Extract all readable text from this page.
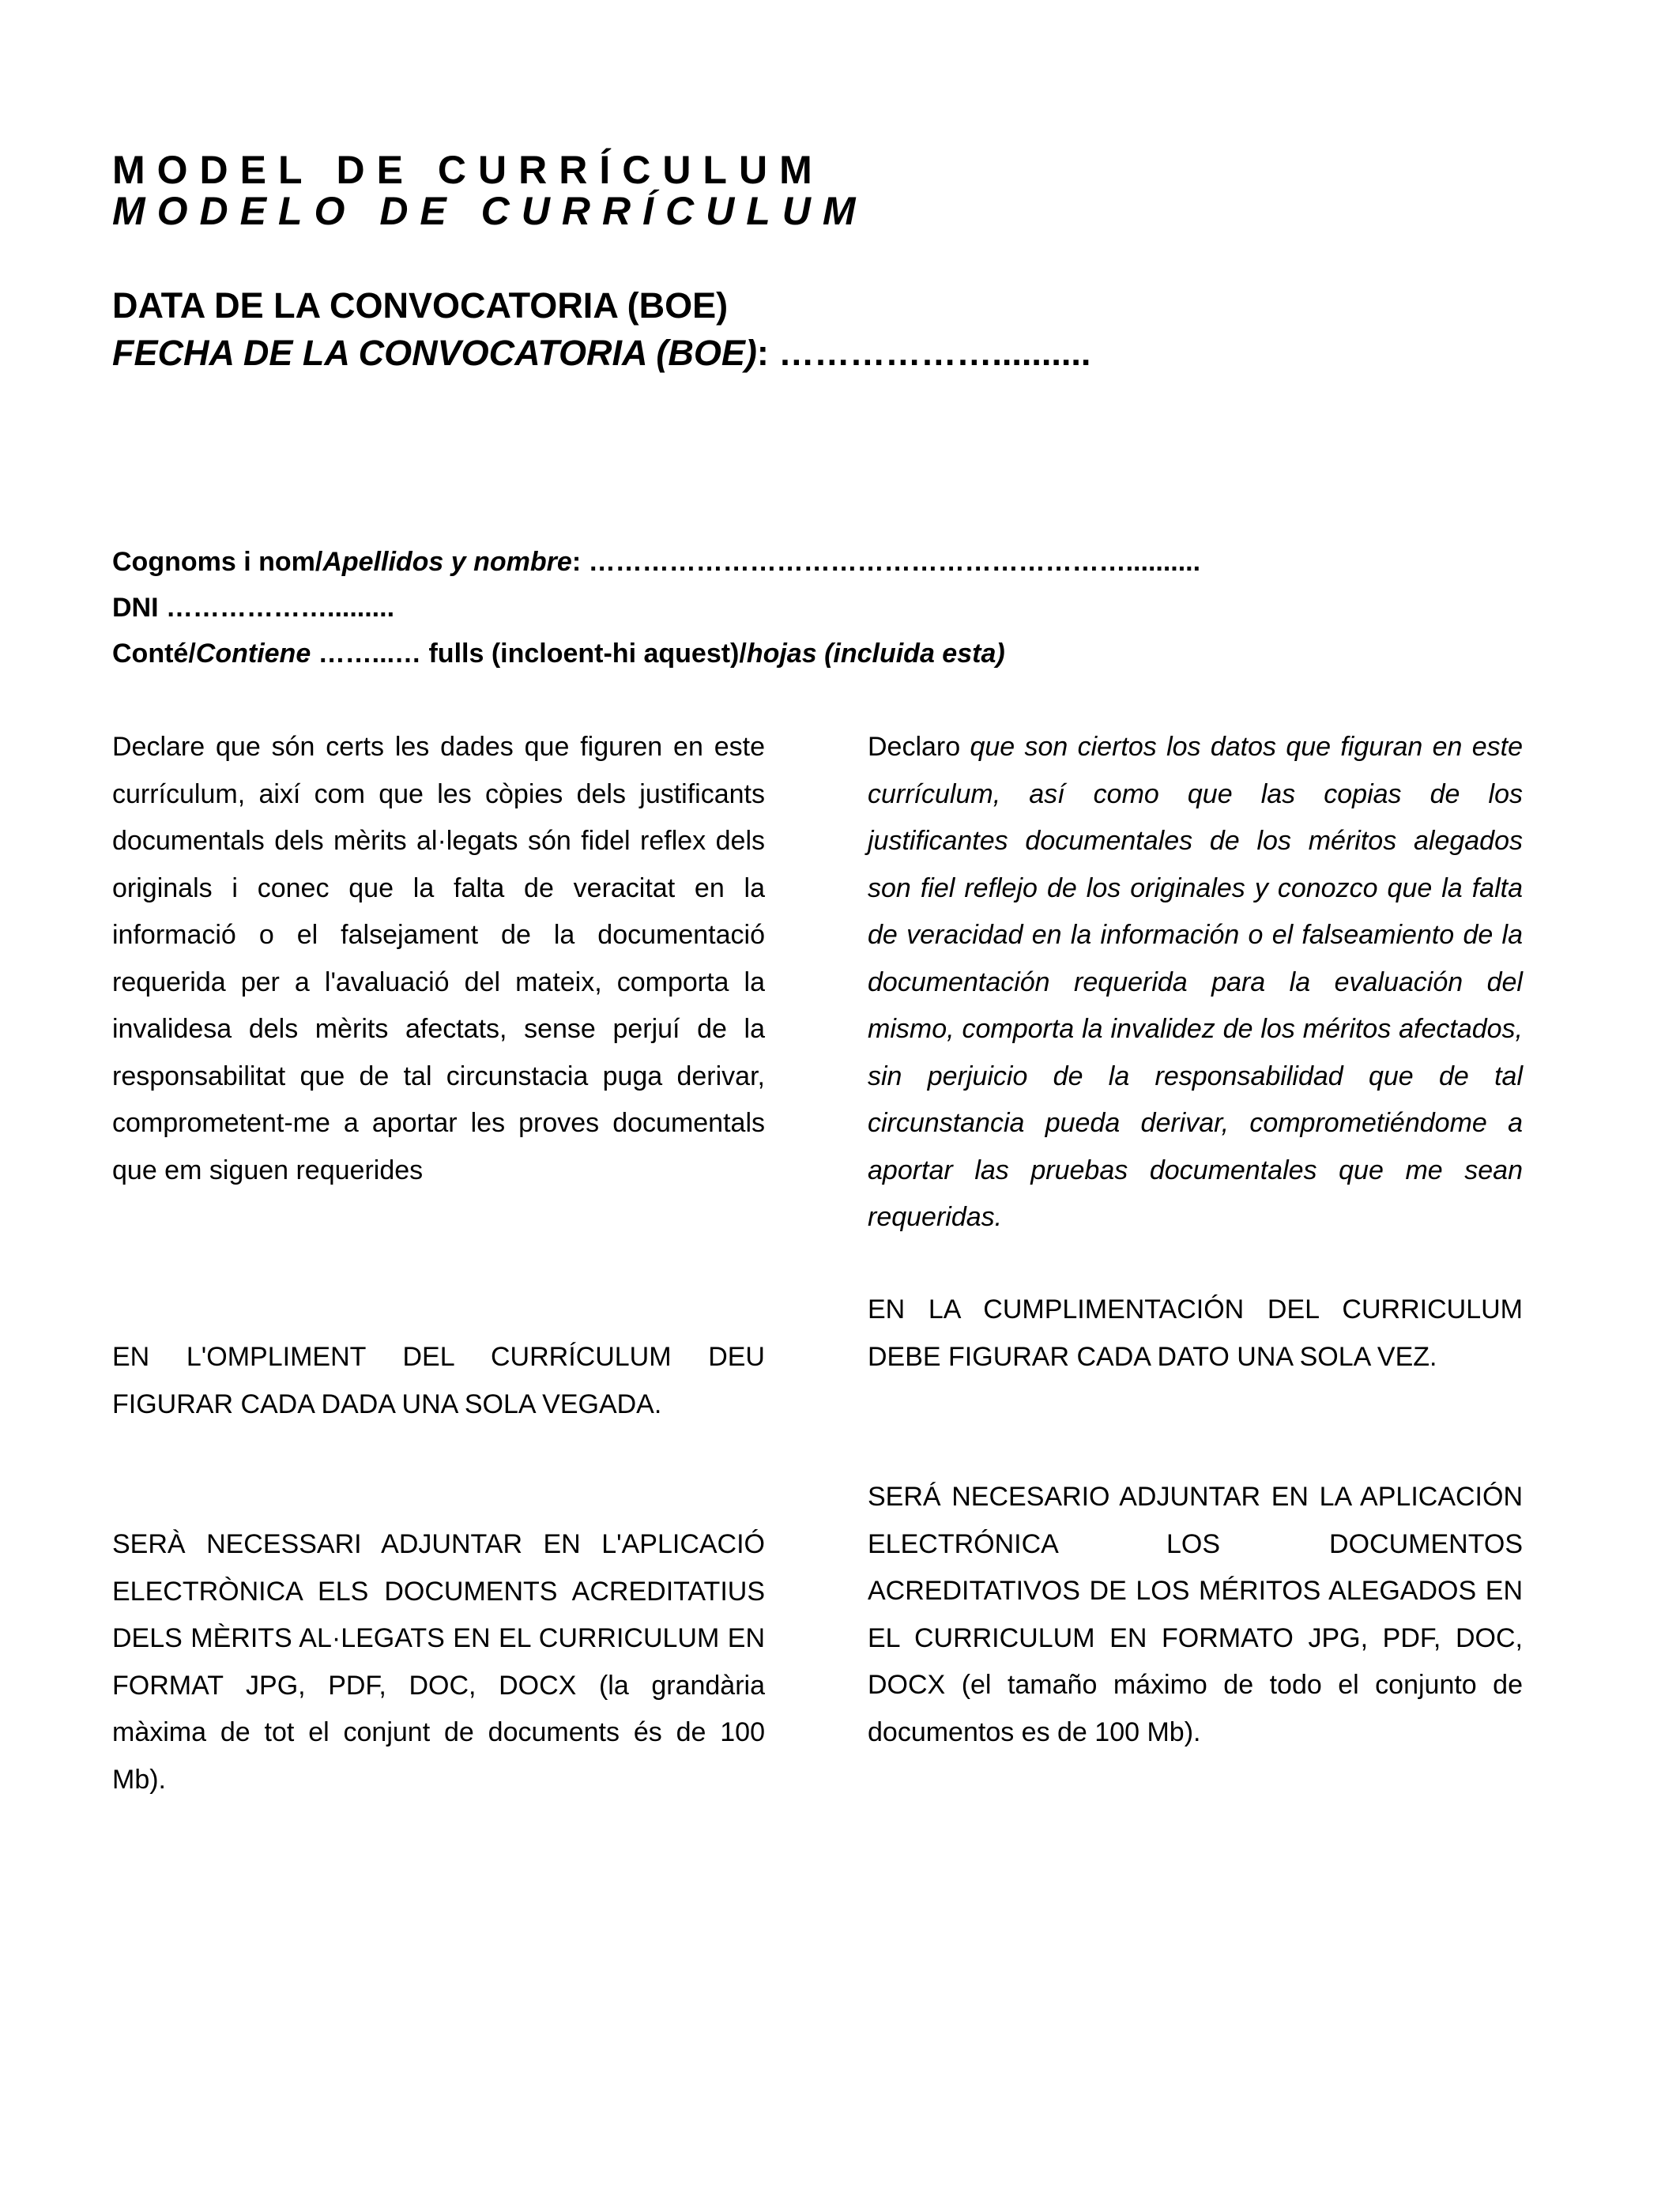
MODEL DE CURRÍCULUM
MODELO DE CURRÍCULUM
DATA DE LA CONVOCATORIA (BOE)
FECHA DE LA CONVOCATORIA (BOE): ………………..........
Cognoms i nom/Apellidos y nombre: ……………………………………………………..........
DNI ……………….........
Conté/Contiene ……...… fulls (incloent-hi aquest)/hojas (incluida esta)
Declare que són certs les dades que figuren en este currículum, així com que les còpies dels justificants documentals dels mèrits al·legats són fidel reflex dels originals i conec que la falta de veracitat en la informació o el falsejament de la documentació requerida per a l'avaluació del mateix, comporta la invalidesa dels mèrits afectats, sense perjuí de la responsabilitat que de tal circunstacia puga derivar, comprometent-me a aportar les proves documentals que em siguen requerides
Declaro que son ciertos los datos que figuran en este currículum, así como que las copias de los justificantes documentales de los méritos alegados son fiel reflejo de los originales y conozco que la falta de veracidad en la información o el falseamiento de la documentación requerida para la evaluación del mismo, comporta la invalidez de los méritos afectados, sin perjuicio de la responsabilidad que de tal circunstancia pueda derivar, comprometiéndome a aportar las pruebas documentales que me sean requeridas.
EN L'OMPLIMENT DEL CURRÍCULUM DEU FIGURAR CADA DADA UNA SOLA VEGADA.
EN LA CUMPLIMENTACIÓN DEL CURRICULUM DEBE FIGURAR CADA DATO UNA SOLA VEZ.
SERÀ NECESSARI ADJUNTAR EN L'APLICACIÓ ELECTRÒNICA ELS DOCUMENTS ACREDITATIUS DELS MÈRITS AL·LEGATS EN EL CURRICULUM EN FORMAT JPG, PDF, DOC, DOCX (la grandària màxima de tot el conjunt de documents és de 100 Mb).
SERÁ NECESARIO ADJUNTAR EN LA APLICACIÓN ELECTRÓNICA LOS DOCUMENTOS ACREDITATIVOS DE LOS MÉRITOS ALEGADOS EN EL CURRICULUM EN FORMATO JPG, PDF, DOC, DOCX (el tamaño máximo de todo el conjunto de documentos es de 100 Mb).
